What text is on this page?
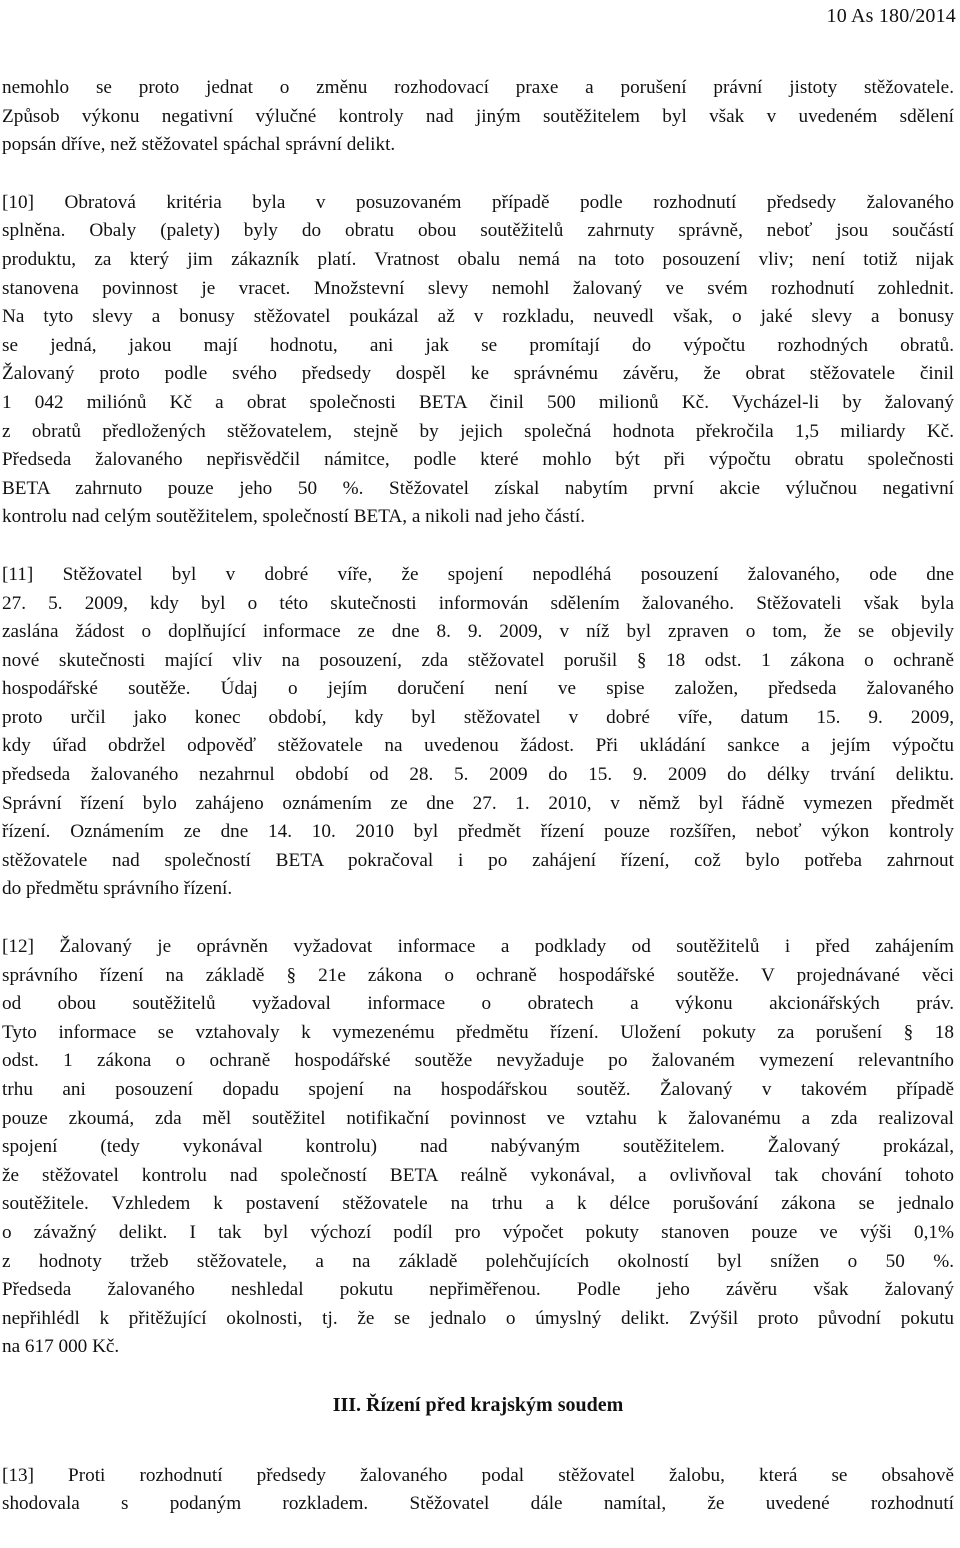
10 As 180/2014
nemohlo se proto jednat o změnu rozhodovací praxe a porušení právní jistoty stěžovatele.
Způsob výkonu negativní výlučné kontroly nad jiným soutěžitelem byl však v uvedeném sdělení
popsán dříve, než stěžovatel spáchal správní delikt.
[10] Obratová kritéria byla v posuzovaném případě podle rozhodnutí předsedy žalovaného
splněna. Obaly (palety) byly do obratu obou soutěžitelů zahrnuty správně, neboť jsou součástí
produktu, za který jim zákazník platí. Vratnost obalu nemá na toto posouzení vliv; není totiž nijak
stanovena povinnost je vracet. Množstevní slevy nemohl žalovaný ve svém rozhodnutí zohlednit.
Na tyto slevy a bonusy stěžovatel poukázal až v rozkladu, neuvedl však, o jaké slevy a bonusy
se jedná, jakou mají hodnotu, ani jak se promítají do výpočtu rozhodných obratů.
Žalovaný proto podle svého předsedy dospěl ke správnému závěru, že obrat stěžovatele činil
1 042 miliónů Kč a obrat společnosti BETA činil 500 milionů Kč. Vycházel-li by žalovaný
z obratů předložených stěžovatelem, stejně by jejich společná hodnota překročila 1,5 miliardy Kč.
Předseda žalovaného nepřisvědčil námitce, podle které mohlo být při výpočtu obratu společnosti
BETA zahrnuto pouze jeho 50 %. Stěžovatel získal nabytím první akcie výlučnou negativní
kontrolu nad celým soutěžitelem, společností BETA, a nikoli nad jeho částí.
[11] Stěžovatel byl v dobré víře, že spojení nepodléhá posouzení žalovaného, ode dne
27. 5. 2009, kdy byl o této skutečnosti informován sdělením žalovaného. Stěžovateli však byla
zaslána žádost o doplňující informace ze dne 8. 9. 2009, v níž byl zpraven o tom, že se objevily
nové skutečnosti mající vliv na posouzení, zda stěžovatel porušil § 18 odst. 1 zákona o ochraně
hospodářské soutěže. Údaj o jejím doručení není ve spise založen, předseda žalovaného
proto určil jako konec období, kdy byl stěžovatel v dobré víře, datum 15. 9. 2009,
kdy úřad obdržel odpověď stěžovatele na uvedenou žádost. Při ukládání sankce a jejím výpočtu
předseda žalovaného nezahrnul období od 28. 5. 2009 do 15. 9. 2009 do délky trvání deliktu.
Správní řízení bylo zahájeno oznámením ze dne 27. 1. 2010, v němž byl řádně vymezen předmět
řízení. Oznámením ze dne 14. 10. 2010 byl předmět řízení pouze rozšířen, neboť výkon kontroly
stěžovatele nad společností BETA pokračoval i po zahájení řízení, což bylo potřeba zahrnout
do předmětu správního řízení.
[12] Žalovaný je oprávněn vyžadovat informace a podklady od soutěžitelů i před zahájením
správního řízení na základě § 21e zákona o ochraně hospodářské soutěže. V projednávané věci
od obou soutěžitelů vyžadoval informace o obratech a výkonu akcionářských práv.
Tyto informace se vztahovaly k vymezenému předmětu řízení. Uložení pokuty za porušení § 18
odst. 1 zákona o ochraně hospodářské soutěže nevyžaduje po žalovaném vymezení relevantního
trhu ani posouzení dopadu spojení na hospodářskou soutěž. Žalovaný v takovém případě
pouze zkoumá, zda měl soutěžitel notifikační povinnost ve vztahu k žalovanému a zda realizoval
spojení (tedy vykonával kontrolu) nad nabývaným soutěžitelem. Žalovaný prokázal,
že stěžovatel kontrolu nad společností BETA reálně vykonával, a ovlivňoval tak chování tohoto
soutěžitele. Vzhledem k postavení stěžovatele na trhu a k délce porušování zákona se jednalo
o závažný delikt. I tak byl výchozí podíl pro výpočet pokuty stanoven pouze ve výši 0,1%
z hodnoty tržeb stěžovatele, a na základě polehčujících okolností byl snížen o 50 %.
Předseda žalovaného neshledal pokutu nepřiměřenou. Podle jeho závěru však žalovaný
nepřihlédl k přitěžující okolnosti, tj. že se jednalo o úmyslný delikt. Zvýšil proto původní pokutu
na 617 000 Kč.
III. Řízení před krajským soudem
[13] Proti rozhodnutí předsedy žalovaného podal stěžovatel žalobu, která se obsahově
shodovala s podaným rozkladem. Stěžovatel dále namítal, že uvedené rozhodnutí
